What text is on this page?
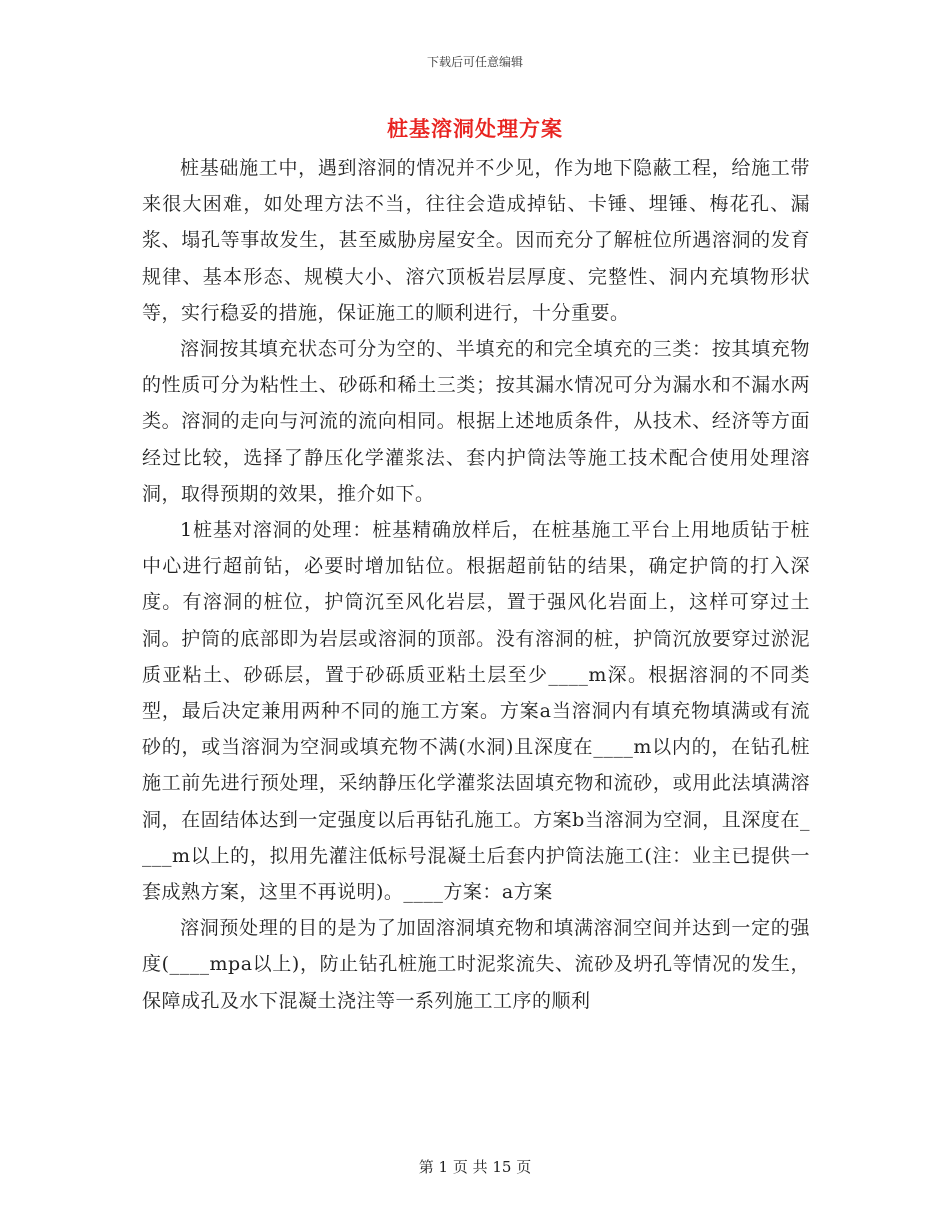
下载后可任意编辑
桩基溶洞处理方案

桩基础施工中，遇到溶洞的情况并不少见，作为地下隐蔽工程，给施工带来很大困难，如处理方法不当，往往会造成掉钻、卡锤、埋锤、梅花孔、漏浆、塌孔等事故发生，甚至威胁房屋安全。因而充分了解桩位所遇溶洞的发育规律、基本形态、规模大小、溶穴顶板岩层厚度、完整性、洞内充填物形状等，实行稳妥的措施，保证施工的顺利进行，十分重要。

溶洞按其填充状态可分为空的、半填充的和完全填充的三类：按其填充物的性质可分为粘性土、砂砾和稀土三类；按其漏水情况可分为漏水和不漏水两类。溶洞的走向与河流的流向相同。根据上述地质条件，从技术、经济等方面经过比较，选择了静压化学灌浆法、套内护筒法等施工技术配合使用处理溶洞，取得预期的效果，推介如下。

1桩基对溶洞的处理：桩基精确放样后，在桩基施工平台上用地质钻于桩中心进行超前钻，必要时增加钻位。根据超前钻的结果，确定护筒的打入深度。有溶洞的桩位，护筒沉至风化岩层，置于强风化岩面上，这样可穿过土洞。护筒的底部即为岩层或溶洞的顶部。没有溶洞的桩，护筒沉放要穿过淤泥质亚粘土、砂砾层，置于砂砾质亚粘土层至少____m深。根据溶洞的不同类型，最后决定兼用两种不同的施工方案。方案a当溶洞内有填充物填满或有流砂的，或当溶洞为空洞或填充物不满(水洞)且深度在____m以内的，在钻孔桩施工前先进行预处理，采纳静压化学灌浆法固填充物和流砂，或用此法填满溶洞，在固结体达到一定强度以后再钻孔施工。方案b当溶洞为空洞，且深度在____m以上的，拟用先灌注低标号混凝土后套内护筒法施工(注：业主已提供一套成熟方案，这里不再说明)。____方案：a方案

溶洞预处理的目的是为了加固溶洞填充物和填满溶洞空间并达到一定的强度(____mpa以上)，防止钻孔桩施工时泥浆流失、流砂及坍孔等情况的发生，保障成孔及水下混凝土浇注等一系列施工工序的顺利

第 1 页 共 15 页
